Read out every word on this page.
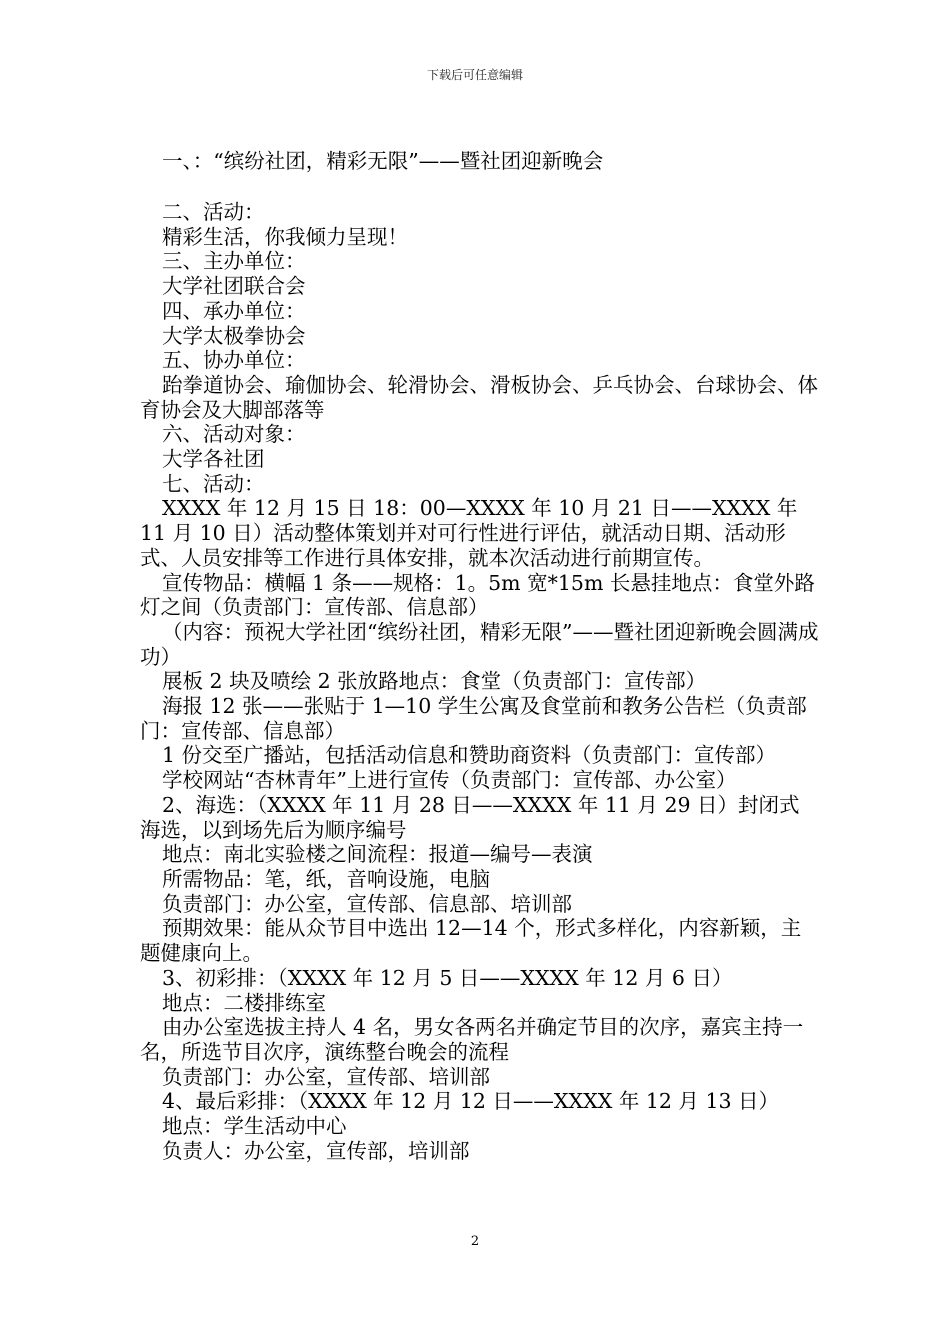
下载后可任意编辑
一、：“缤纷社团，精彩无限”——暨社团迎新晚会

二、活动：

精彩生活，你我倾力呈现！

三、主办单位：

大学社团联合会

四、承办单位：

大学太极拳协会

五、协办单位：

跆拳道协会、瑜伽协会、轮滑协会、滑板协会、乒乓协会、台球协会、体育协会及大脚部落等

六、活动对象：

大学各社团

七、活动：

XXXX 年 12 月 15 日 18：00—XXXX 年 10 月 21 日——XXXX 年 11 月 10 日）活动整体策划并对可行性进行评估，就活动日期、活动形式、人员安排等工作进行具体安排，就本次活动进行前期宣传。

宣传物品：横幅 1 条——规格：1。5m 宽*15m 长悬挂地点：食堂外路灯之间（负责部门：宣传部、信息部）

（内容：预祝大学社团“缤纷社团，精彩无限”——暨社团迎新晚会圆满成功）

展板 2 块及喷绘 2 张放路地点：食堂（负责部门：宣传部）

海报 12 张——张贴于 1—10 学生公寓及食堂前和教务公告栏（负责部门：宣传部、信息部）

1 份交至广播站，包括活动信息和赞助商资料（负责部门：宣传部）

学校网站“杏林青年”上进行宣传（负责部门：宣传部、办公室）

2、海选：（XXXX 年 11 月 28 日——XXXX 年 11 月 29 日）封闭式海选，以到场先后为顺序编号

地点：南北实验楼之间流程：报道—编号—表演

所需物品：笔，纸，音响设施，电脑

负责部门：办公室，宣传部、信息部、培训部

预期效果：能从众节目中选出 12—14 个，形式多样化，内容新颖，主题健康向上。

3、初彩排：（XXXX 年 12 月 5 日——XXXX 年 12 月 6 日）

地点：二楼排练室

由办公室选拔主持人 4 名，男女各两名并确定节目的次序，嘉宾主持一名，所选节目次序，演练整台晚会的流程

负责部门：办公室，宣传部、培训部

4、最后彩排：（XXXX 年 12 月 12 日——XXXX 年 12 月 13 日）

地点：学生活动中心

负责人：办公室，宣传部，培训部

2
